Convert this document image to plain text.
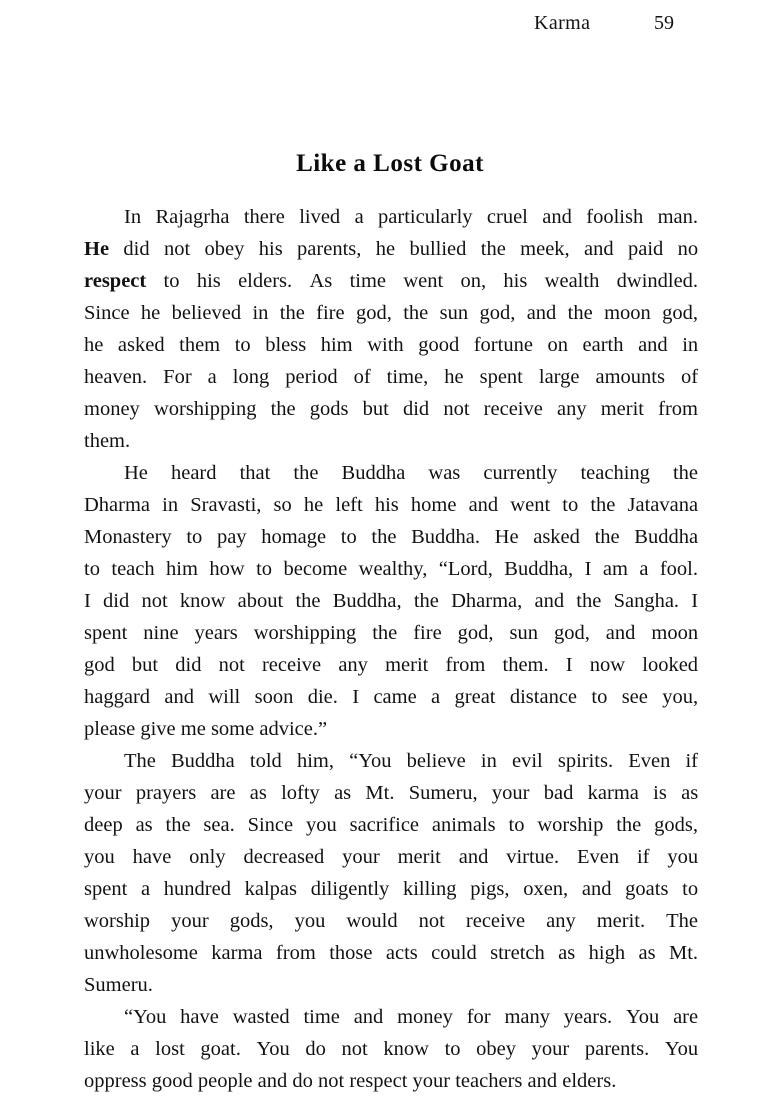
Karma	59
Like a Lost Goat

In Rajagrha there lived a particularly cruel and foolish man.
He did not obey his parents, he bullied the meek, and paid no
respect to his elders. As time went on, his wealth dwindled.
Since he believed in the fire god, the sun god, and the moon god,
he asked them to bless him with good fortune on earth and in
heaven. For a long period of time, he spent large amounts of
money worshipping the gods but did not receive any merit from
them.

He heard that the Buddha was currently teaching the
Dharma in Sravasti, so he left his home and went to the Jatavana
Monastery to pay homage to the Buddha. He asked the Buddha
to teach him how to become wealthy, “Lord, Buddha, I am a fool.
I did not know about the Buddha, the Dharma, and the Sangha. I
spent nine years worshipping the fire god, sun god, and moon
god but did not receive any merit from them. I now looked
haggard and will soon die. I came a great distance to see you,
please give me some advice.”

The Buddha told him, “You believe in evil spirits. Even if
your prayers are as lofty as Mt. Sumeru, your bad karma is as
deep as the sea. Since you sacrifice animals to worship the gods,
you have only decreased your merit and virtue. Even if you
spent a hundred kalpas diligently killing pigs, oxen, and goats to
worship your gods, you would not receive any merit. The
unwholesome karma from those acts could stretch as high as Mt.
Sumeru.

“You have wasted time and money for many years. You are
like a lost goat. You do not know to obey your parents. You
oppress good people and do not respect your teachers and elders.
